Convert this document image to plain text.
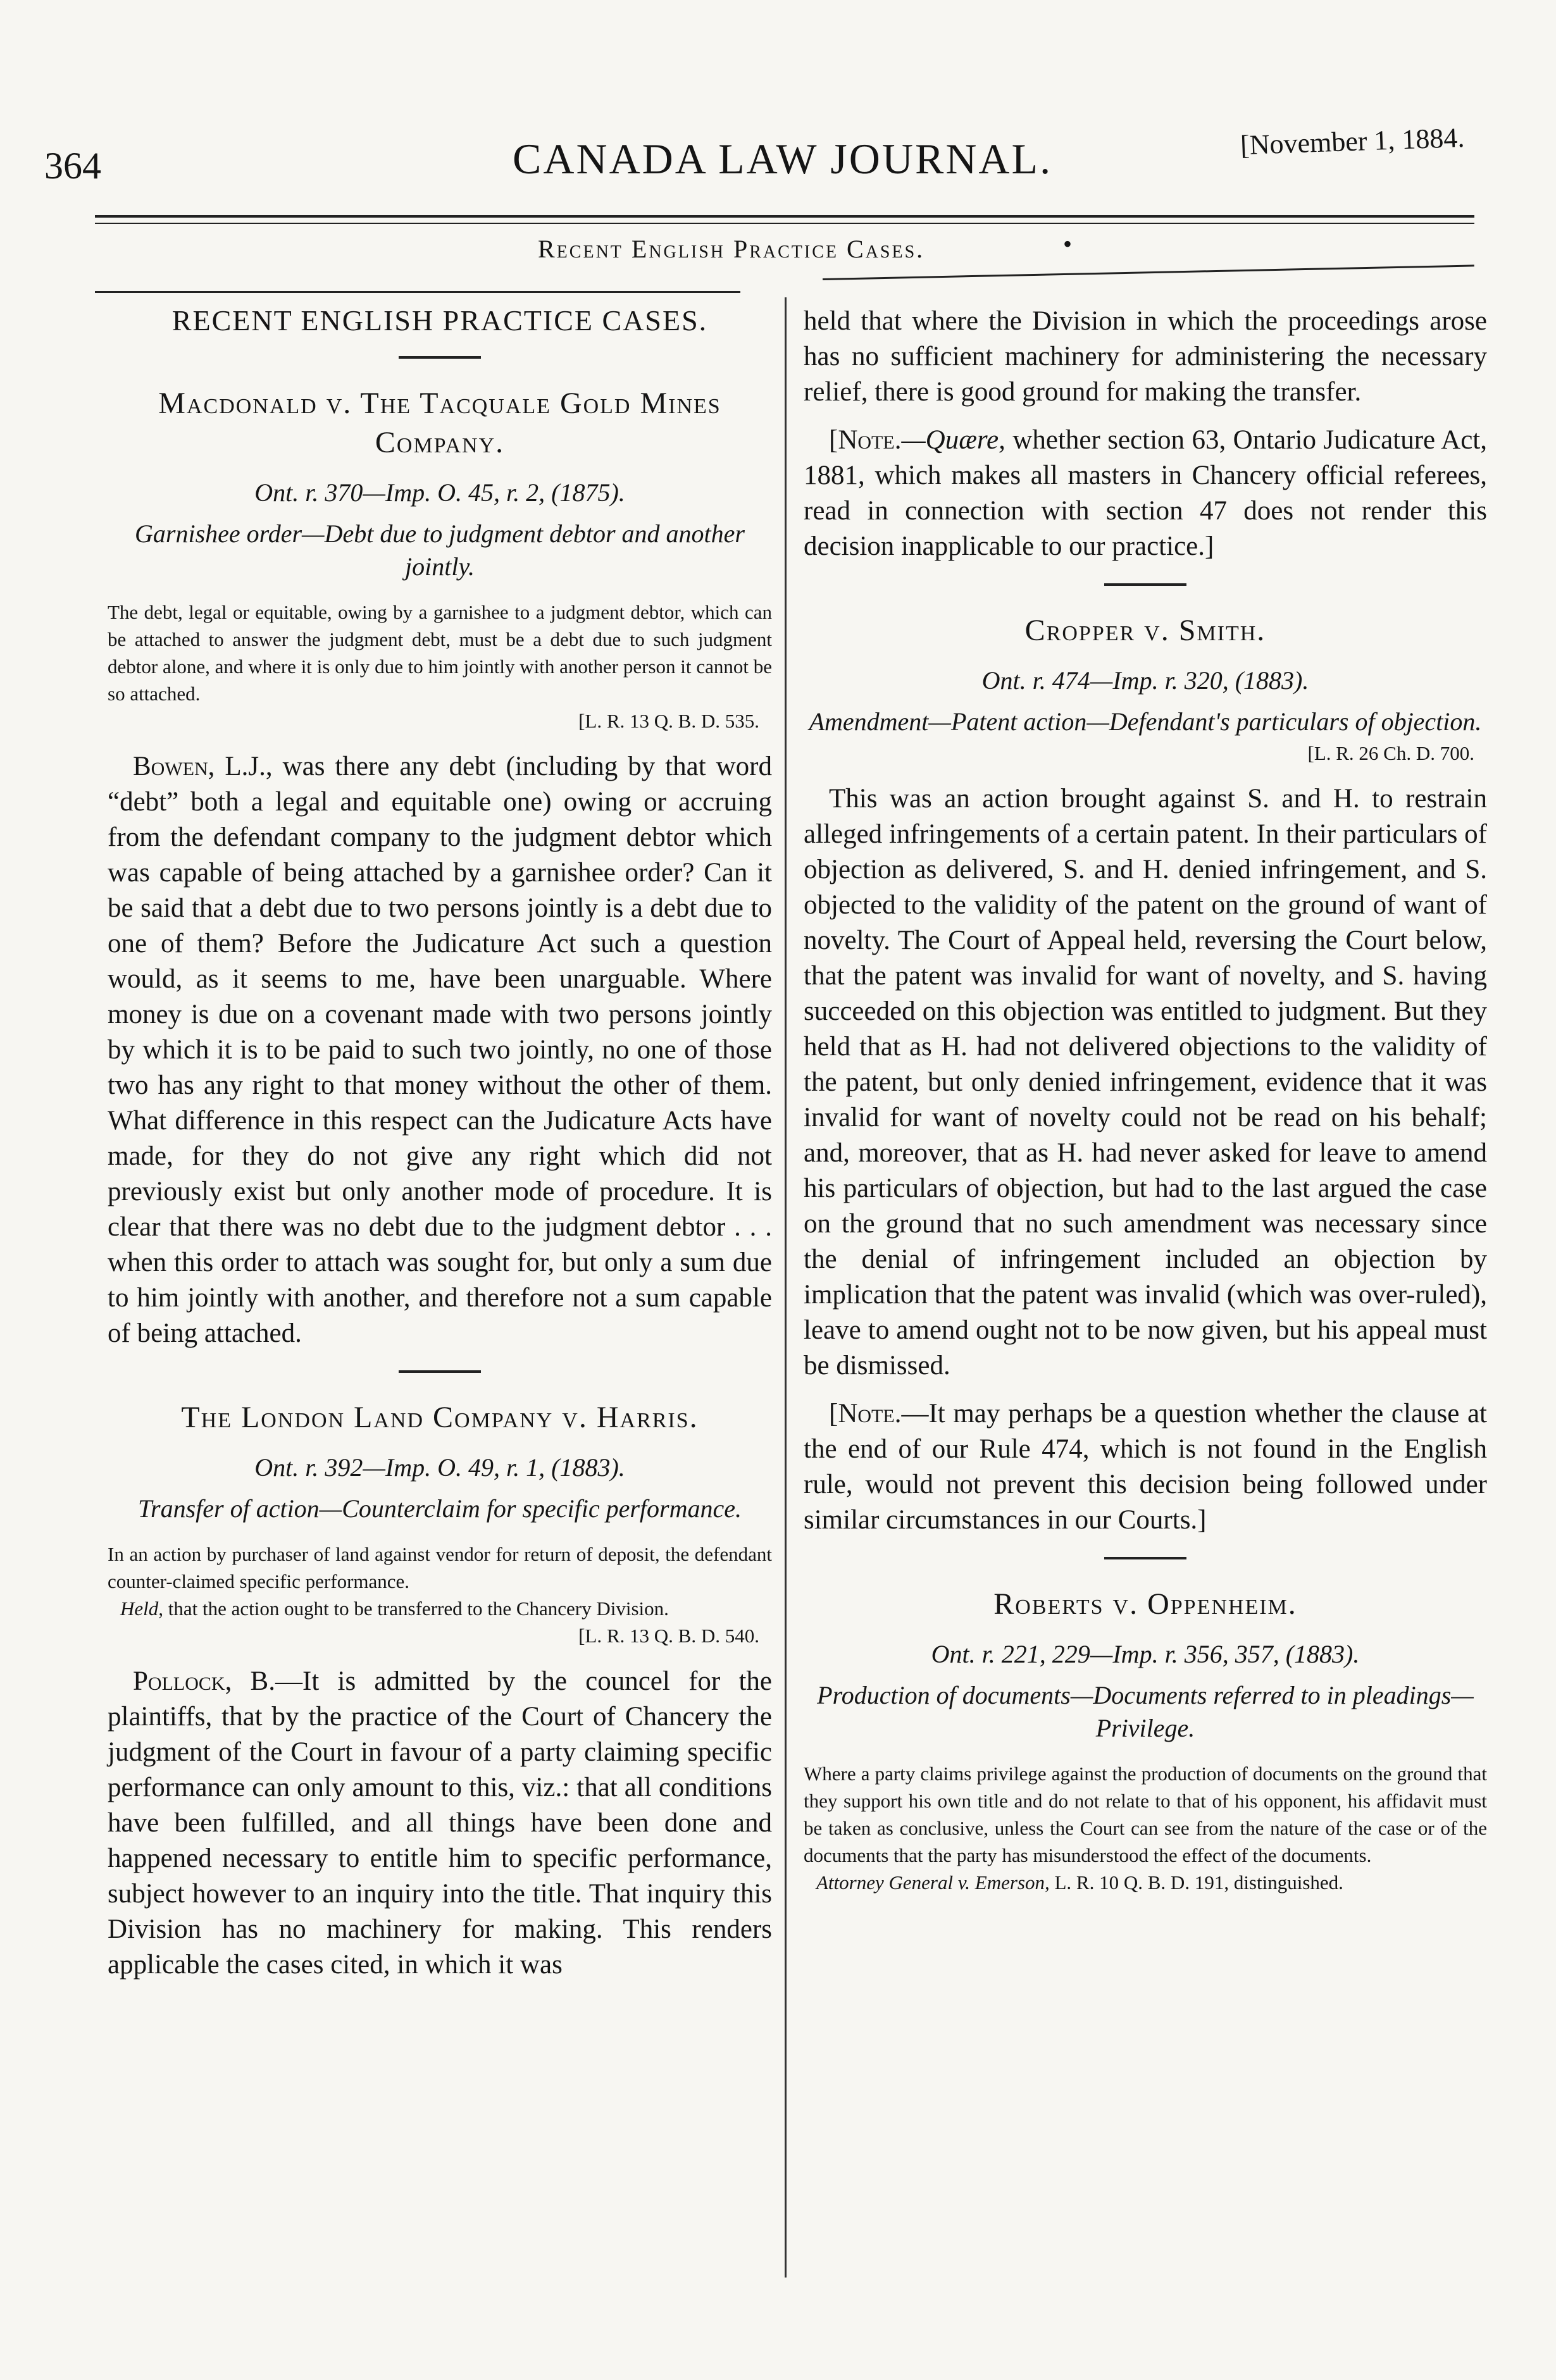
364	CANADA LAW JOURNAL.	[November 1, 1884.
Recent English Practice Cases.	•
RECENT ENGLISH PRACTICE CASES.
Macdonald v. The Tacquale Gold Mines Company.

Ont. r. 370—Imp. O. 45, r. 2, (1875).

Garnishee order—Debt due to judgment debtor and another jointly.

The debt, legal or equitable, owing by a garnishee to a judgment debtor, which can be attached to answer the judgment debt, must be a debt due to such judgment debtor alone, and where it is only due to him jointly with another person it cannot be so attached.

[L. R. 13 Q. B. D. 535.

Bowen, L.J., was there any debt (including by that word “debt” both a legal and equitable one) owing or accruing from the defendant company to the judgment debtor which was capable of being attached by a garnishee order? Can it be said that a debt due to two persons jointly is a debt due to one of them? Before the Judicature Act such a question would, as it seems to me, have been unarguable. Where money is due on a covenant made with two persons jointly by which it is to be paid to such two jointly, no one of those two has any right to that money without the other of them. What difference in this respect can the Judicature Acts have made, for they do not give any right which did not previously exist but only another mode of procedure. It is clear that there was no debt due to the judgment debtor . . . when this order to attach was sought for, but only a sum due to him jointly with another, and therefore not a sum capable of being attached.

The London Land Company v. Harris.

Ont. r. 392—Imp. O. 49, r. 1, (1883).

Transfer of action—Counterclaim for specific performance.

In an action by purchaser of land against vendor for return of deposit, the defendant counter-claimed specific performance.

Held, that the action ought to be transferred to the Chancery Division.

[L. R. 13 Q. B. D. 540.

Pollock, B.—It is admitted by the councel for the plaintiffs, that by the practice of the Court of Chancery the judgment of the Court in favour of a party claiming specific performance can only amount to this, viz.: that all conditions have been fulfilled, and all things have been done and happened necessary to entitle him to specific performance, subject however to an inquiry into the title. That inquiry this Division has no machinery for making. This renders applicable the cases cited, in which it was

held that where the Division in which the proceedings arose has no sufficient machinery for administering the necessary relief, there is good ground for making the transfer.

[Note.—Quære, whether section 63, Ontario Judicature Act, 1881, which makes all masters in Chancery official referees, read in connection with section 47 does not render this decision inapplicable to our practice.]

Cropper v. Smith.

Ont. r. 474—Imp. r. 320, (1883).

Amendment—Patent action—Defendant's particulars of objection.

[L. R. 26 Ch. D. 700.

This was an action brought against S. and H. to restrain alleged infringements of a certain patent. In their particulars of objection as delivered, S. and H. denied infringement, and S. objected to the validity of the patent on the ground of want of novelty. The Court of Appeal held, reversing the Court below, that the patent was invalid for want of novelty, and S. having succeeded on this objection was entitled to judgment. But they held that as H. had not delivered objections to the validity of the patent, but only denied infringement, evidence that it was invalid for want of novelty could not be read on his behalf; and, moreover, that as H. had never asked for leave to amend his particulars of objection, but had to the last argued the case on the ground that no such amendment was necessary since the denial of infringement included an objection by implication that the patent was invalid (which was over-ruled), leave to amend ought not to be now given, but his appeal must be dismissed.

[Note.—It may perhaps be a question whether the clause at the end of our Rule 474, which is not found in the English rule, would not prevent this decision being followed under similar circumstances in our Courts.]

Roberts v. Oppenheim.

Ont. r. 221, 229—Imp. r. 356, 357, (1883).

Production of documents—Documents referred to in pleadings—Privilege.

Where a party claims privilege against the production of documents on the ground that they support his own title and do not relate to that of his opponent, his affidavit must be taken as conclusive, unless the Court can see from the nature of the case or of the documents that the party has misunderstood the effect of the documents.

Attorney General v. Emerson, L. R. 10 Q. B. D. 191, distinguished.
